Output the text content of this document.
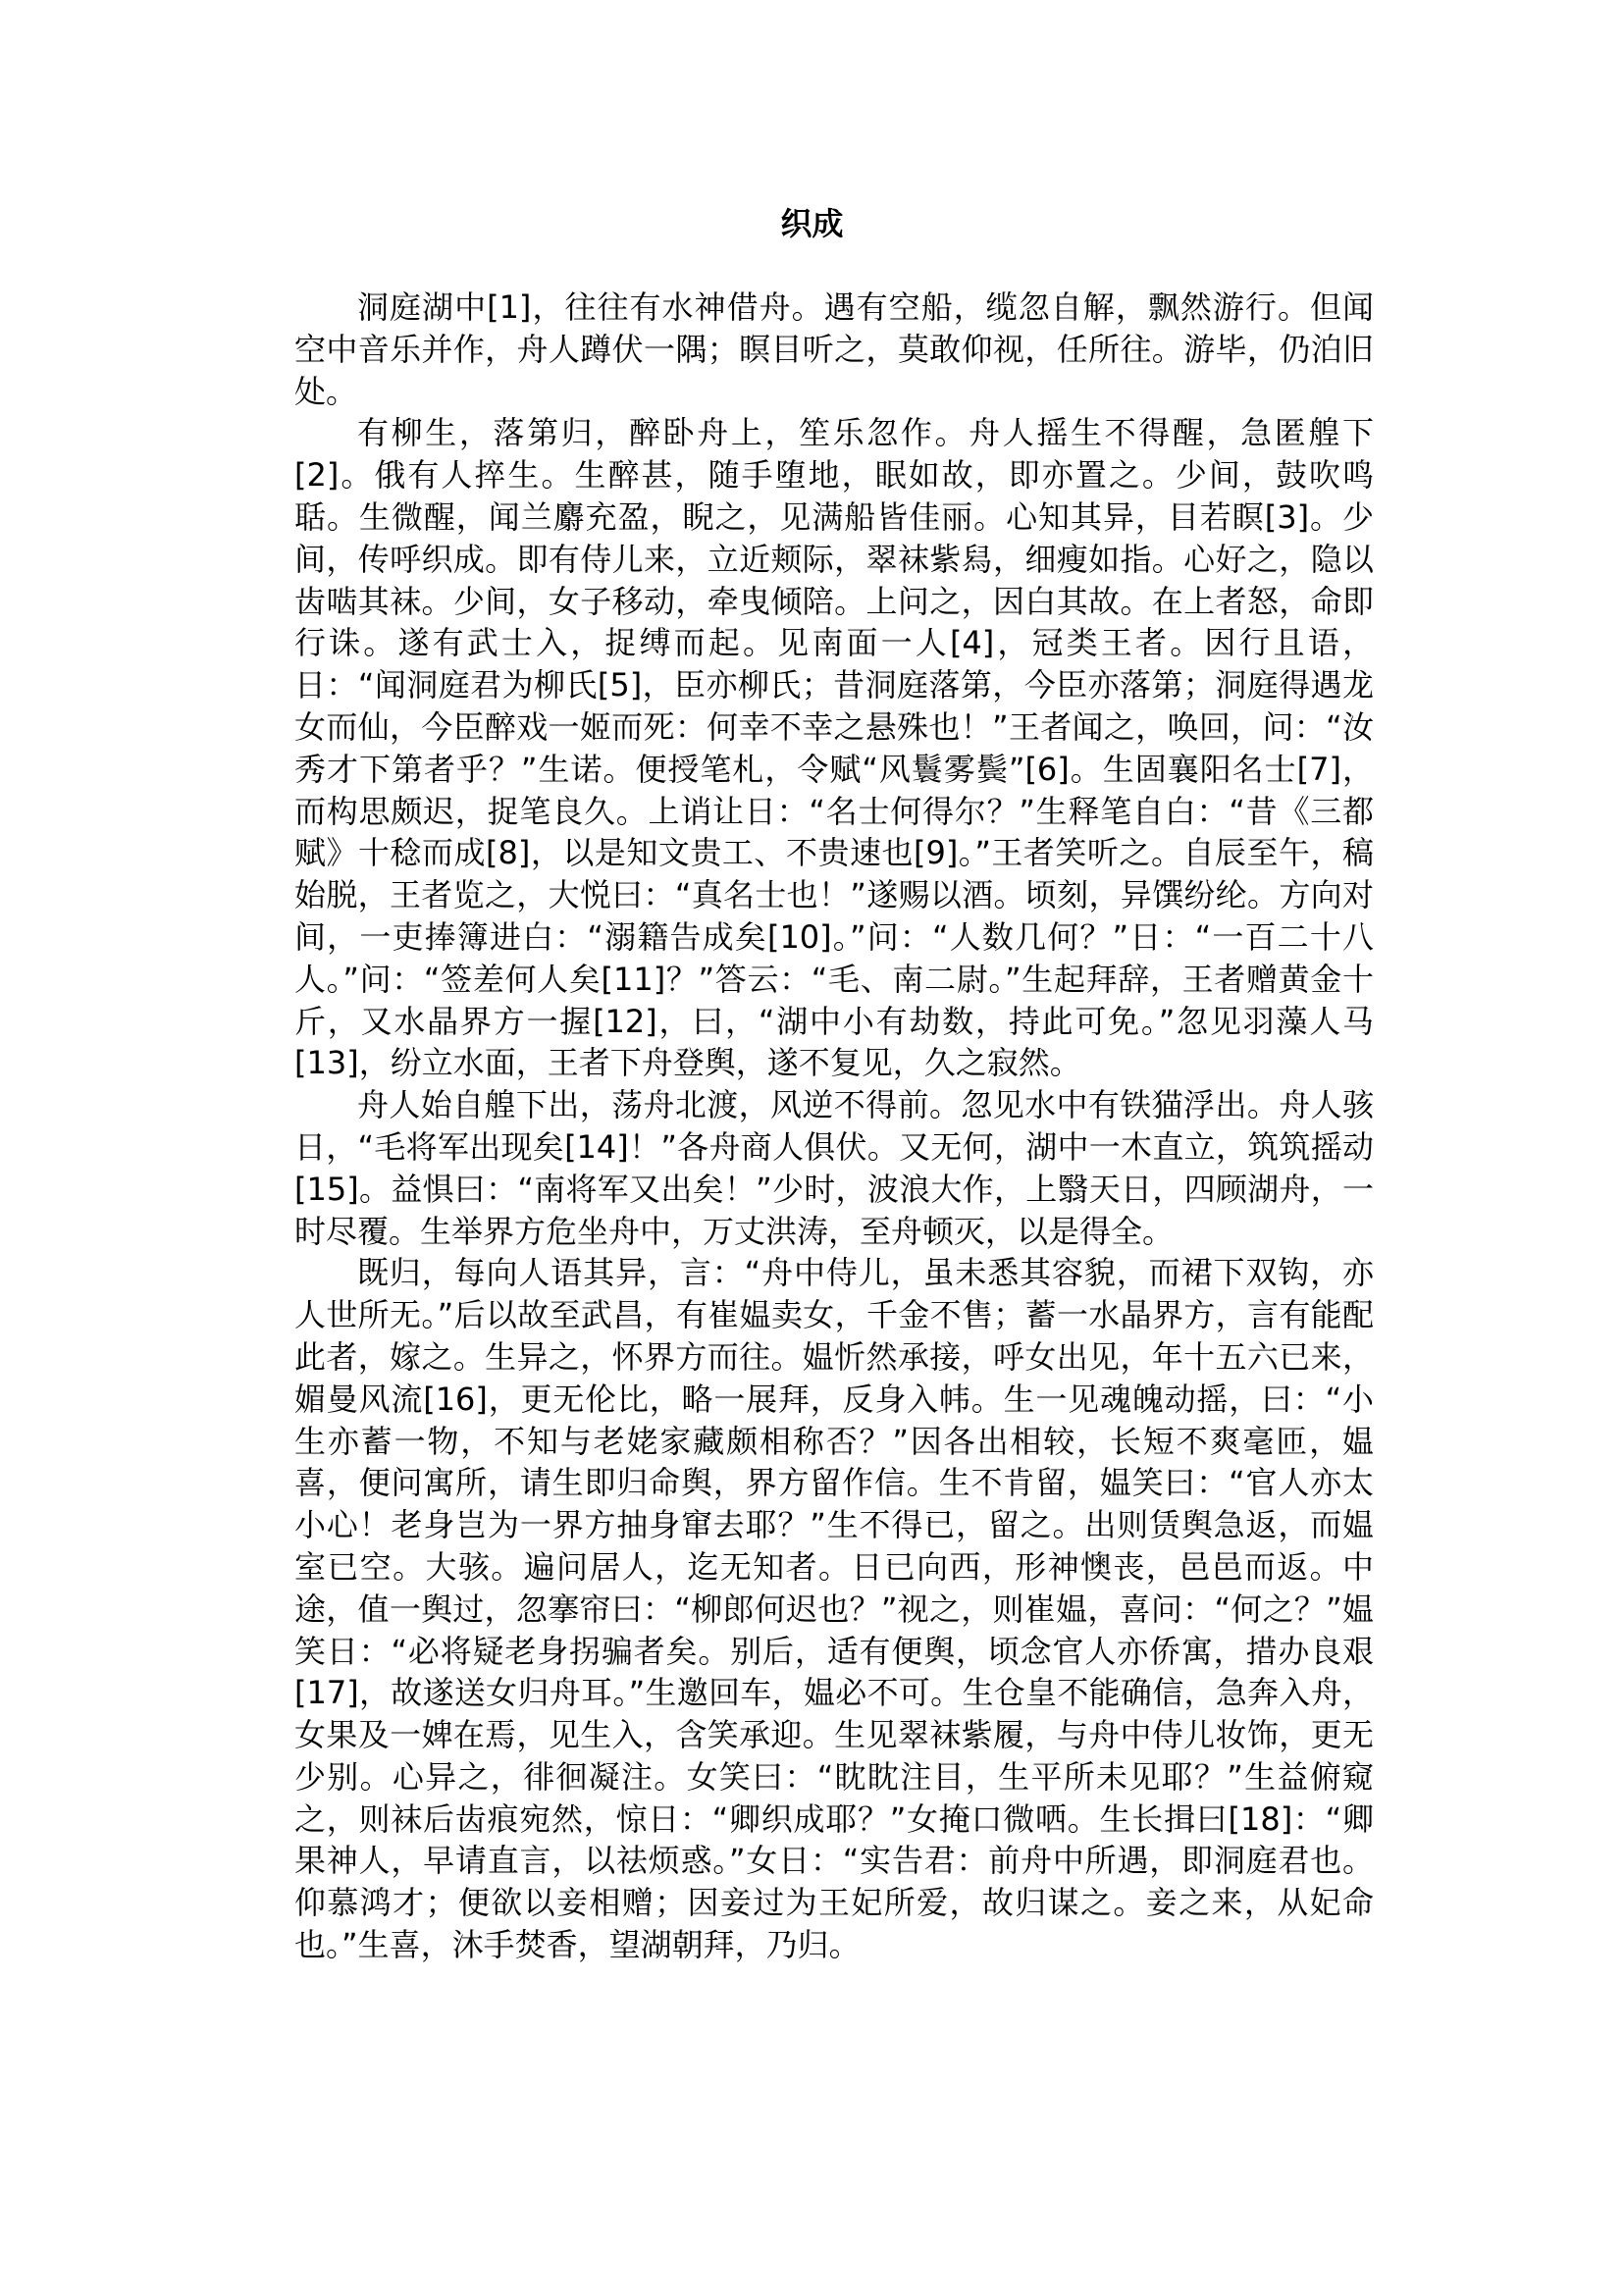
织成

洞庭湖中[1]，往往有水神借舟。遇有空船，缆忽自解，飘然游行。但闻空中音乐并作，舟人蹲伏一隅；瞑目听之，莫敢仰视，任所往。游毕，仍泊旧处。

有柳生，落第归，醉卧舟上，笙乐忽作。舟人摇生不得醒，急匿艎下[2]。俄有人捽生。生醉甚，随手堕地，眠如故，即亦置之。少间，鼓吹鸣聒。生微醒，闻兰麝充盈，睨之，见满船皆佳丽。心知其异，目若瞑[3]。少间，传呼织成。即有侍儿来，立近颊际，翠袜紫舄，细瘦如指。心好之，隐以齿啮其袜。少间，女子移动，牵曳倾陪。上问之，因白其故。在上者怒，命即行诛。遂有武士入，捉缚而起。见南面一人[4]，冠类王者。因行且语，日：“闻洞庭君为柳氏[5]，臣亦柳氏；昔洞庭落第，今臣亦落第；洞庭得遇龙女而仙，今臣醉戏一姬而死：何幸不幸之悬殊也！”王者闻之，唤回，问：“汝秀才下第者乎？”生诺。便授笔札，令赋“风鬟雾鬓”[6]。生固襄阳名士[7]，而构思颇迟，捉笔良久。上诮让日：“名士何得尔？”生释笔自白：“昔《三都赋》十稔而成[8]，以是知文贵工、不贵速也[9]。”王者笑听之。自辰至午，稿始脱，王者览之，大悦曰：“真名士也！”遂赐以酒。顷刻，异馔纷纶。方向对间，一吏捧簿进白：“溺籍告成矣[10]。”问：“人数几何？”日：“一百二十八人。”问：“签差何人矣[11]？”答云：“毛、南二尉。”生起拜辞，王者赠黄金十斤，又水晶界方一握[12]，曰，“湖中小有劫数，持此可免。”忽见羽藻人马[13]，纷立水面，王者下舟登舆，遂不复见，久之寂然。

舟人始自艎下出，荡舟北渡，风逆不得前。忽见水中有铁猫浮出。舟人骇日，“毛将军出现矣[14]！”各舟商人俱伏。又无何，湖中一木直立，筑筑摇动[15]。益惧曰：“南将军又出矣！”少时，波浪大作，上翳天日，四顾湖舟，一时尽覆。生举界方危坐舟中，万丈洪涛，至舟顿灭，以是得全。

既归，每向人语其异，言：“舟中侍儿，虽未悉其容貌，而裙下双钩，亦人世所无。”后以故至武昌，有崔媪卖女，千金不售；蓄一水晶界方，言有能配此者，嫁之。生异之，怀界方而往。媪忻然承接，呼女出见，年十五六已来，媚曼风流[16]，更无伦比，略一展拜，反身入帏。生一见魂魄动摇，曰：“小生亦蓄一物，不知与老姥家藏颇相称否？”因各出相较，长短不爽毫匝，媪喜，便问寓所，请生即归命舆，界方留作信。生不肯留，媪笑曰：“官人亦太小心！老身岂为一界方抽身窜去耶？”生不得已，留之。出则赁舆急返，而媪室已空。大骇。遍问居人，迄无知者。日已向西，形神懊丧，邑邑而返。中途，值一舆过，忽搴帘曰：“柳郎何迟也？”视之，则崔媪，喜问：“何之？”媪笑日：“必将疑老身拐骗者矣。别后，适有便舆，顷念官人亦侨寓，措办良艰[17]，故遂送女归舟耳。”生邀回车，媪必不可。生仓皇不能确信，急奔入舟，女果及一婢在焉，见生入，含笑承迎。生见翠袜紫履，与舟中侍儿妆饰，更无少别。心异之，徘徊凝注。女笑曰：“眈眈注目，生平所未见耶？”生益俯窥之，则袜后齿痕宛然，惊日：“卿织成耶？”女掩口微哂。生长揖曰[18]：“卿果神人，早请直言，以祛烦惑。”女日：“实告君：前舟中所遇，即洞庭君也。仰慕鸿才；便欲以妾相赠；因妾过为王妃所爱，故归谋之。妾之来，从妃命也。”生喜，沐手焚香，望湖朝拜，乃归。
